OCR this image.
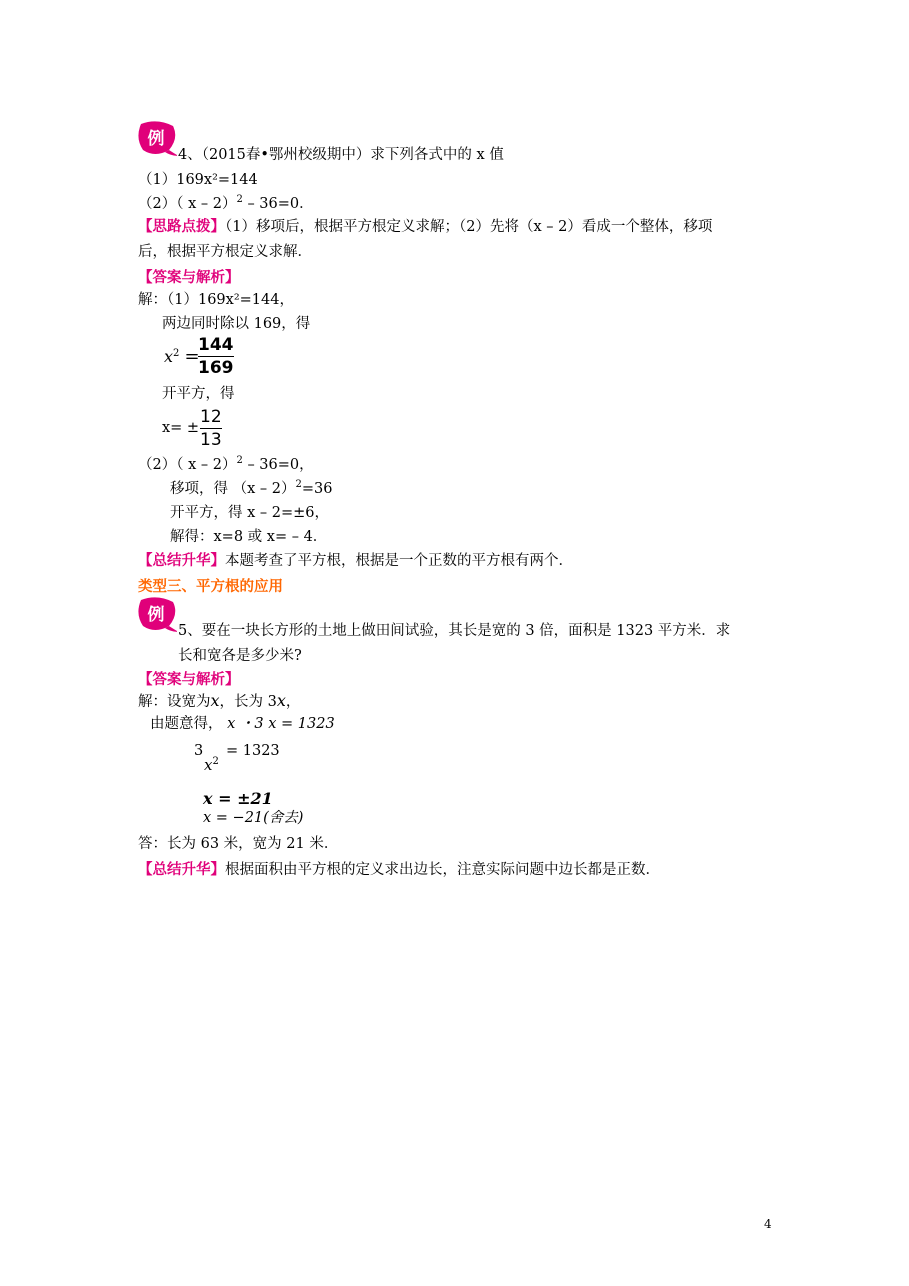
例
4、（2015春•鄂州校级期中）求下列各式中的 x 值
（1）169x²=144
（2）（ x – 2）$^2$ – 36=0．
【思路点拨】（1）移项后，根据平方根定义求解；（2）先将（x – 2）看成一个整体，移项
后，根据平方根定义求解．
【答案与解析】
解：（1）169x²=144，
两边同时除以 169，得
$x^2$ =
144
169
开平方，得
x= ±
12
13
（2）（ x – 2）$^2$ – 36=0，
移项，得 （x – 2）$^2$=36
开平方，得 x – 2=±6，
解得：x=8 或 x= – 4．
【总结升华】本题考查了平方根，根据是一个正数的平方根有两个．
类型三、平方根的应用
例
5、要在一块长方形的土地上做田间试验，其长是宽的 3 倍，面积是 1323 平方米．求
长和宽各是多少米?
【答案与解析】
解：设宽为x，长为 3x，
由题意得， x ・3 x = 1323
3
$x^2$
= 1323
x = ±21
x = −21(舍去)
答：长为 63 米，宽为 21 米．
【总结升华】根据面积由平方根的定义求出边长，注意实际问题中边长都是正数．
4
